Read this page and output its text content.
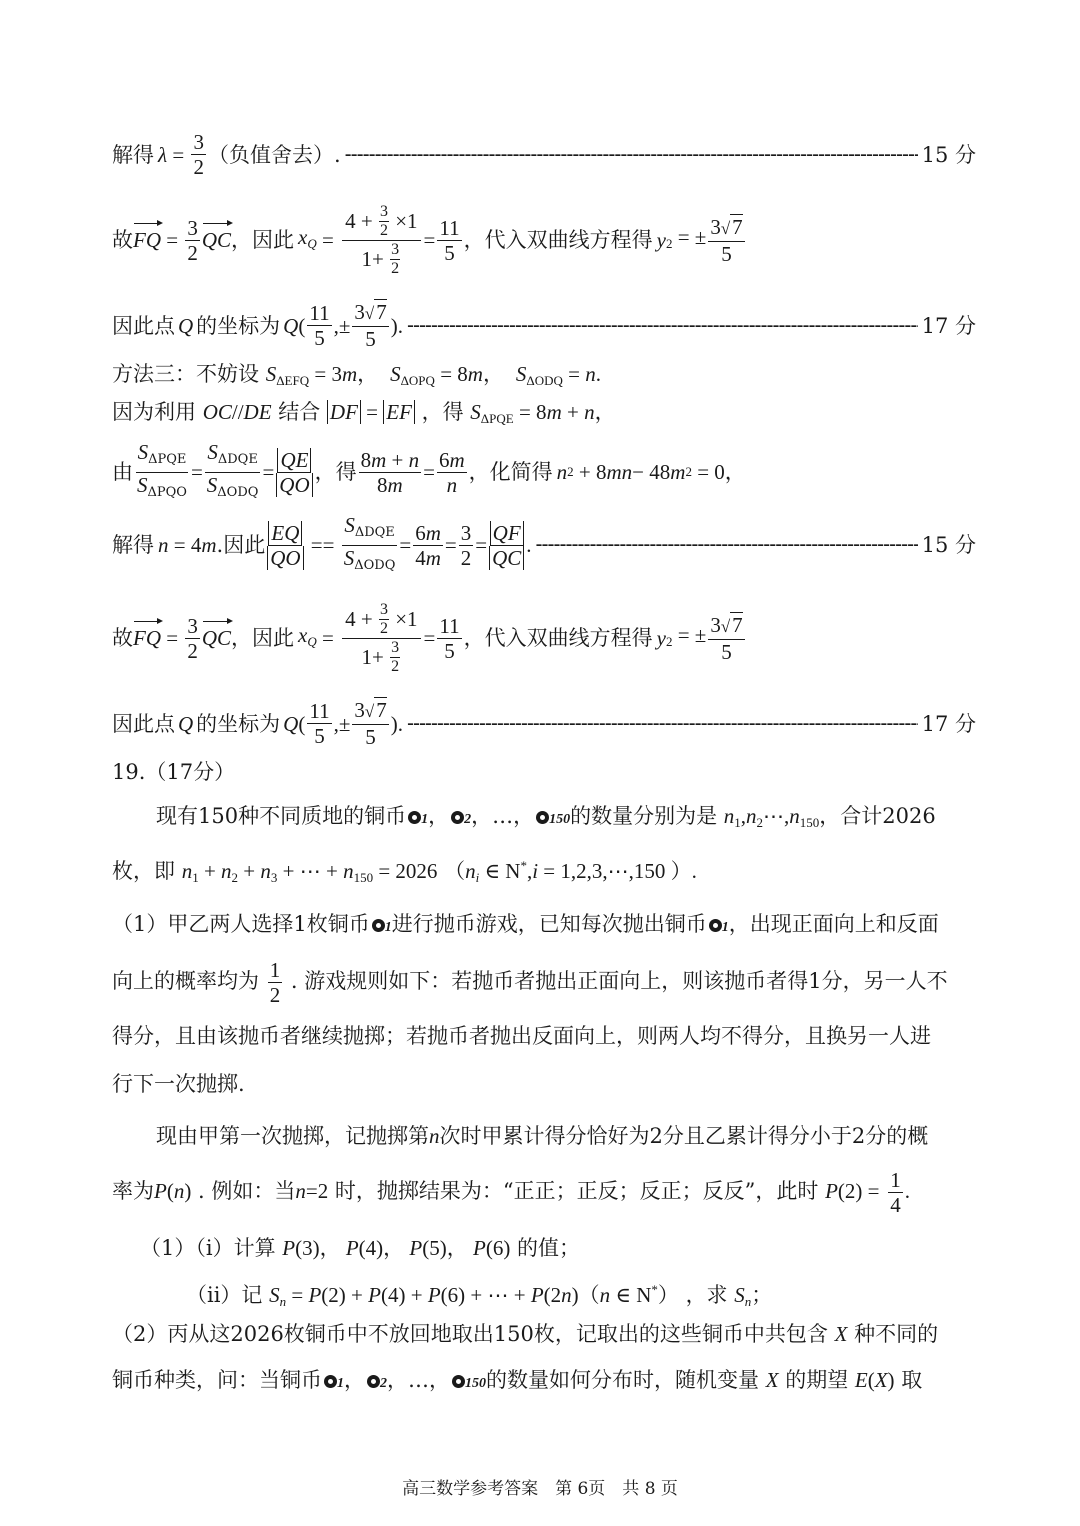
解得 $\lambda = \frac{3}{2}$ （负值舍去）. -----	15 分
故 FQ = $\frac{3}{2}$ QC ，因此 $x_Q = 4 + 3$
2 ×1
1+ 3
$2 = \frac{11}{5}$ ，代入双曲线方程得 y $_2$ = ± $\frac{3√7}{5}$
因此点 Q 的坐标为 Q ( $\frac{11}{5}$ ,± $\frac{3√7}{5}$ ). -----	17 分
方法三：不妨设 $S_{\Delta EFQ} = 3m$，  $S_{\Delta OPQ} = 8m$，  $S_{\Delta ODQ} = n$.
因为利用 OC//DE 结合 DF = EF ，得 $S_{\Delta PQE} = 8m + n$，
由 $\frac{S_{\Delta PQE}}{S_{\Delta PQO}} = \frac{S_{\Delta DQE}}{S_{\Delta ODQ}} = \frac{QE}{QO}$ ，得 $\frac{8m + n}{8m} = \frac{6m}{n}$ ，化简得 n 2 + 8 mn − 48 m 2 = 0，
解得 n = 4 m .因此 $\frac{EQ}{QO} == \frac{S_{\Delta DQE}}{S_{\Delta ODQ}} = \frac{6m}{4m} = \frac{3}{2} = \frac{QF}{QC}$ . -----	15 分
故 FQ = $\frac{3}{2}$ QC ，因此 $x_Q = 4 + 3$
2 ×1
1+ 3
$2 = \frac{11}{5}$ ，代入双曲线方程得 y $_2$ = ± $\frac{3√7}{5}$
因此点 Q 的坐标为 Q ( $\frac{11}{5}$ ,± $\frac{3√7}{5}$ ). -----	17 分
19.（17分）
现有150种不同质地的铜币 1， 2，…， 150的数量分别为是 $n_1,n_2\cdots,n_{150}$，合计2026
枚，即 $n_1 + n_2 + n_3$ + ⋯ + $n_{150} = 2026$ （$n_i$ ∈ N*,i = 1,2,3,⋯,150 ）.
（1）甲乙两人选择1枚铜币 1进行抛币游戏，已知每次抛出铜币 1，出现正面向上和反面
向上的概率均为 $\frac{1}{2}$ . 游戏规则如下：若抛币者抛出正面向上，则该抛币者得1分，另一人不
得分，且由该抛币者继续抛掷；若抛币者抛出反面向上，则两人均不得分，且换另一人进
行下一次抛掷.
现由甲第一次抛掷，记抛掷第n次时甲累计得分恰好为2分且乙累计得分小于2分的概
率为P(n) . 例如：当n=2 时，抛掷结果为：“正正；正反；反正；反反”，此时 $P(2) = \frac{1}{4}$ .
（1）（i）计算 P(3)， P(4)， P(5)， P(6) 的值；
（ii）记 $S_n = P(2) + P(4) + P(6)$ + ⋯ + P(2n)（n ∈ N*） ，求 $S_n$；
（2）丙从这2026枚铜币中不放回地取出150枚，记取出的这些铜币中共包含 X 种不同的
铜币种类，问：当铜币 1， 2，…， 150的数量如何分布时，随机变量 X 的期望 E(X) 取
高三数学参考答案　第 6页　共 8 页
